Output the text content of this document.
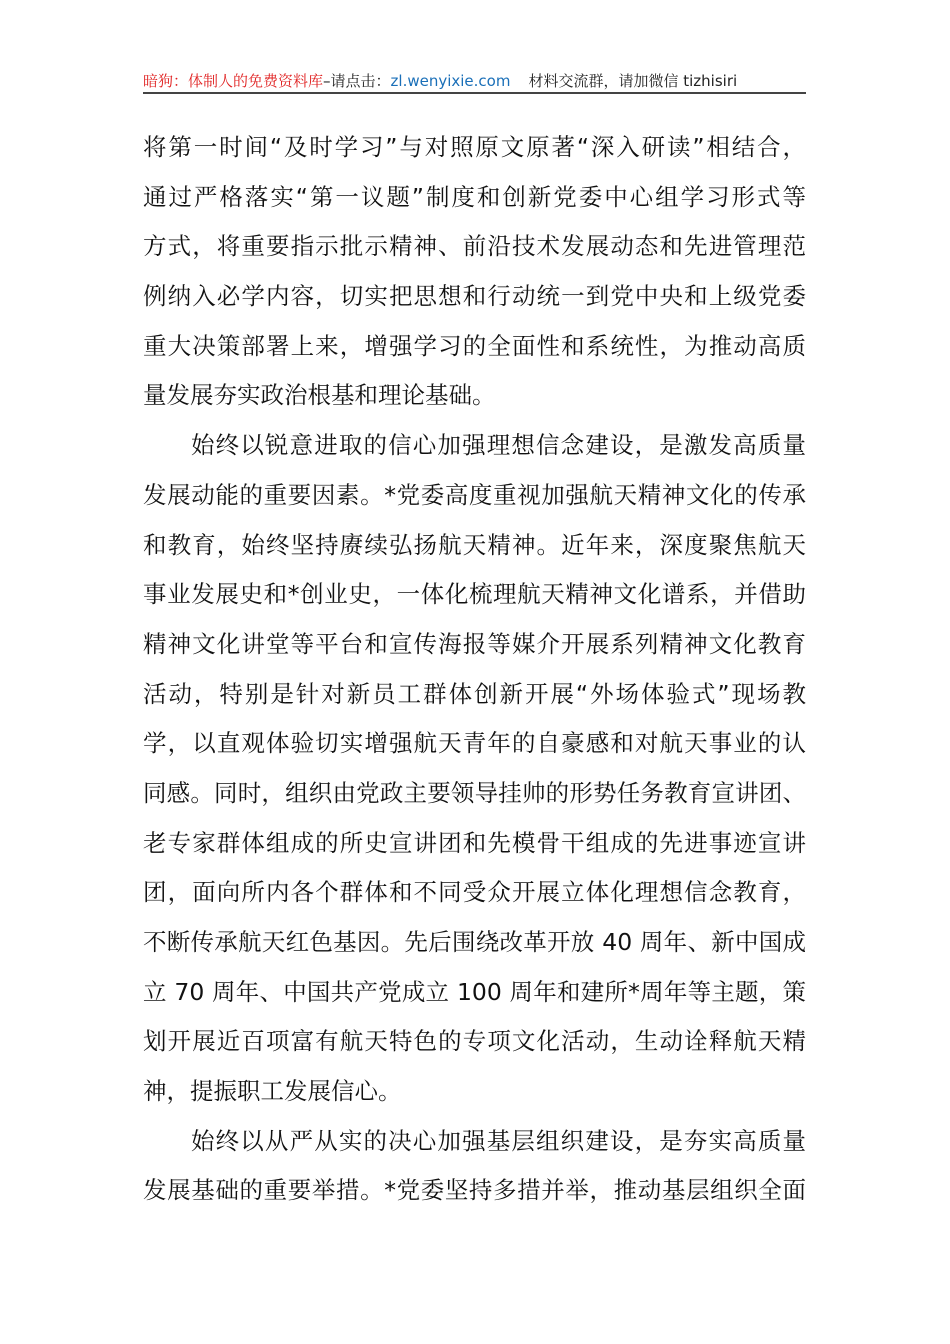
暗狗：体制人的免费资料库–请点击：zl.wenyixie.com 材料交流群，请加微信 tizhisiri
将第一时间“及时学习”与对照原文原著“深入研读”相结合，
通过严格落实“第一议题”制度和创新党委中心组学习形式等
方式，将重要指示批示精神、前沿技术发展动态和先进管理范
例纳入必学内容，切实把思想和行动统一到党中央和上级党委
重大决策部署上来，增强学习的全面性和系统性，为推动高质
量发展夯实政治根基和理论基础。
始终以锐意进取的信心加强理想信念建设，是激发高质量
发展动能的重要因素。*党委高度重视加强航天精神文化的传承
和教育，始终坚持赓续弘扬航天精神。近年来，深度聚焦航天
事业发展史和*创业史，一体化梳理航天精神文化谱系，并借助
精神文化讲堂等平台和宣传海报等媒介开展系列精神文化教育
活动，特别是针对新员工群体创新开展“外场体验式”现场教
学，以直观体验切实增强航天青年的自豪感和对航天事业的认
同感。同时，组织由党政主要领导挂帅的形势任务教育宣讲团、
老专家群体组成的所史宣讲团和先模骨干组成的先进事迹宣讲
团，面向所内各个群体和不同受众开展立体化理想信念教育，
不断传承航天红色基因。先后围绕改革开放 40 周年、新中国成
立 70 周年、中国共产党成立 100 周年和建所*周年等主题，策
划开展近百项富有航天特色的专项文化活动，生动诠释航天精
神，提振职工发展信心。
始终以从严从实的决心加强基层组织建设，是夯实高质量
发展基础的重要举措。*党委坚持多措并举，推动基层组织全面
